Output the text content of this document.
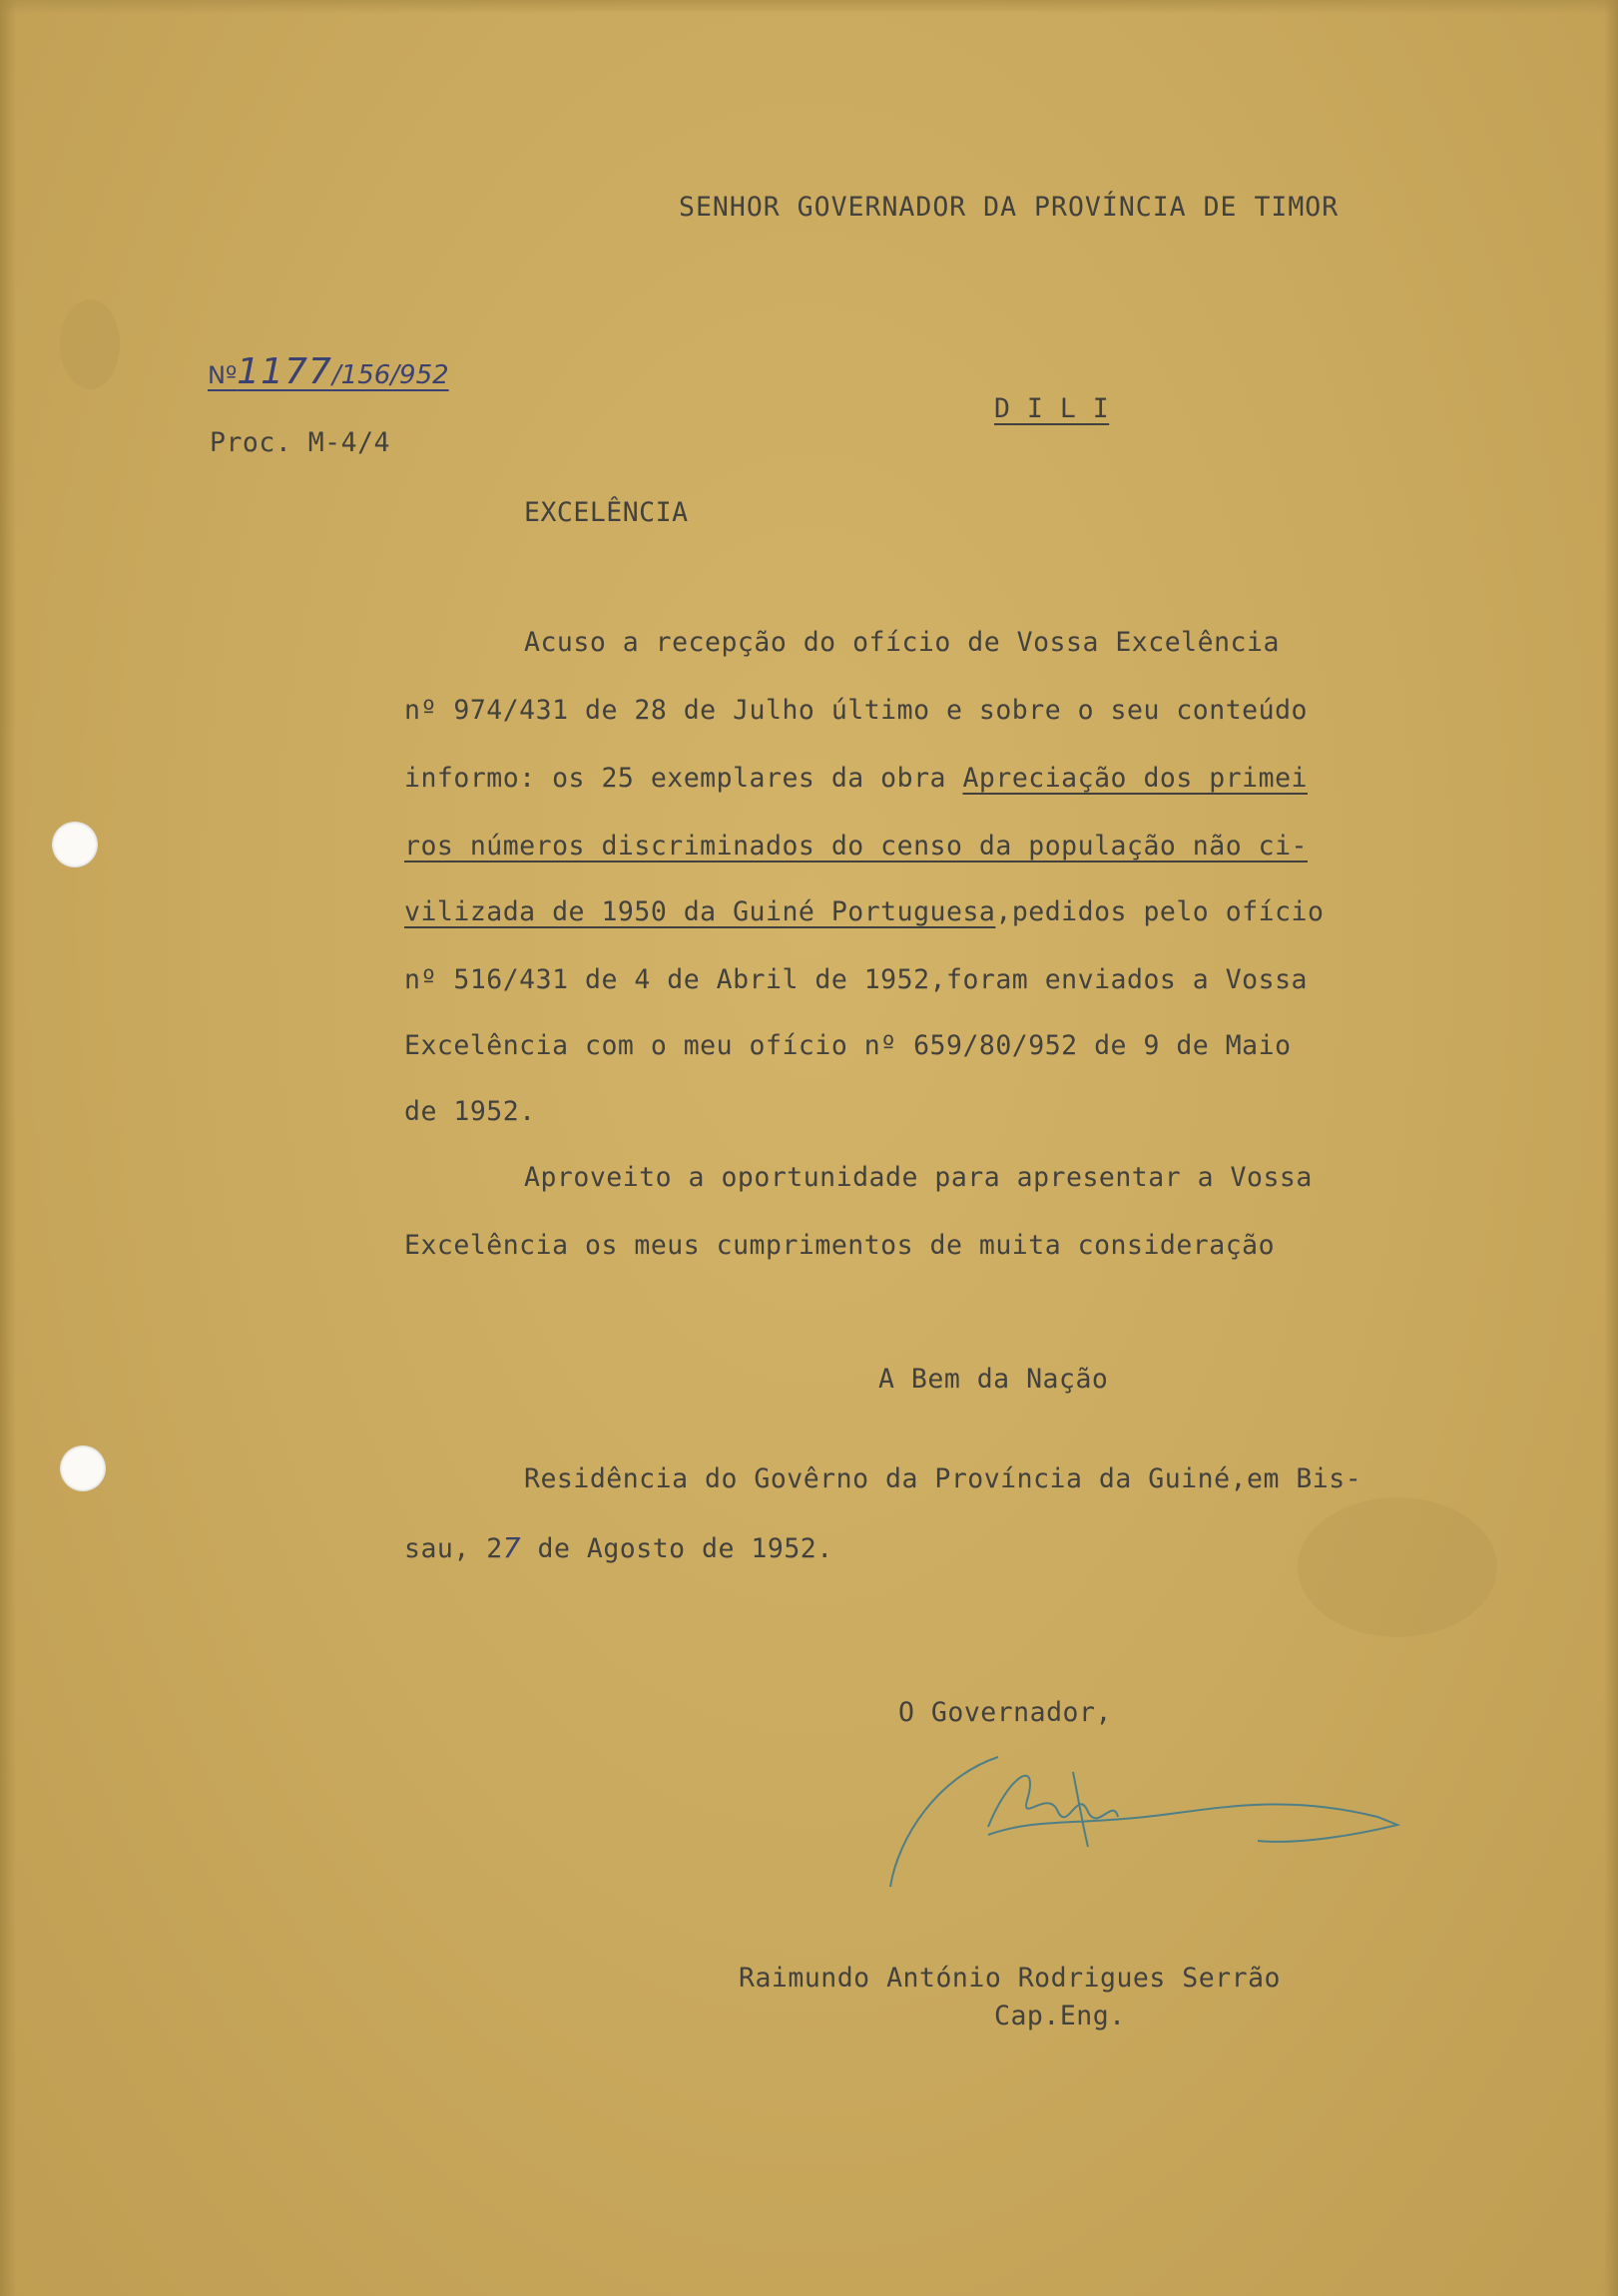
SENHOR GOVERNADOR DA PROVÍNCIA DE TIMOR
Nº1177/156/952
Proc. M-4/4
D I L I
EXCELÊNCIA
Acuso a recepção do ofício de Vossa Excelência
nº 974/431 de 28 de Julho último e sobre o seu conteúdo
informo: os 25 exemplares da obra Apreciação dos primei
ros números discriminados do censo da população não ci-
vilizada de 1950 da Guiné Portuguesa,pedidos pelo ofício
nº 516/431 de 4 de Abril de 1952,foram enviados a Vossa
Excelência com o meu ofício nº 659/80/952 de 9 de Maio
de 1952.
Aproveito a oportunidade para apresentar a Vossa
Excelência os meus cumprimentos de muita consideração
A Bem da Nação
Residência do Govêrno da Província da Guiné,em Bis-
sau, 27 de Agosto de 1952.
O Governador,
Raimundo António Rodrigues Serrão
Cap.Eng.
